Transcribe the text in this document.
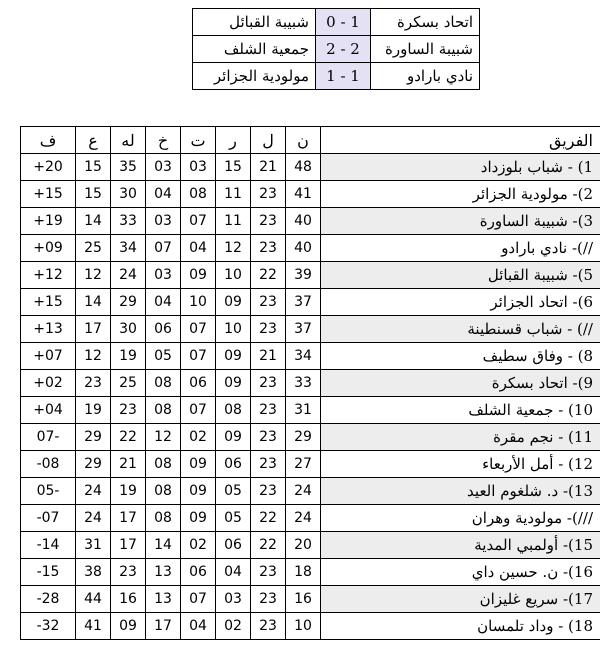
شبيبة القبائل	0 - 1	اتحاد بسكرة
جمعية الشلف	2 - 2	شبيبة الساورة
مولودية الجزائر	1 - 1	نادي بارادو
ف	ع	له	خ	ت	ر	ل	ن	الفريق
+20	15	35	03	03	15	21	48	1) - شباب بلوزداد
+15	15	30	04	08	11	23	41	2)- مولودية الجزائر
+19	14	33	03	07	11	23	40	3)- شبيبة الساورة
+09	25	34	07	04	12	23	40	//)- نادي بارادو
+12	12	24	03	09	10	22	39	5)- شبيبة القبائل
+15	14	29	04	10	09	23	37	6)- اتحاد الجزائر
+13	17	30	06	07	10	23	37	//) - شباب قسنطينة
+07	12	19	05	07	09	21	34	8) - وفاق سطيف
+02	23	25	08	06	09	23	33	9)- اتحاد بسكرة
+04	19	23	08	07	08	23	31	10) - جمعية الشلف
07-	29	22	12	02	09	23	29	11) - نجم مقرة
-08	29	21	08	09	06	23	27	12) - أمل الأربعاء
05-	24	19	08	09	05	23	24	13)- د. شلغوم العيد
-07	24	17	08	09	05	22	24	///)- مولودية وهران
-14	31	17	14	02	06	22	20	15)- أولمبي المدية
-15	38	23	13	06	04	23	18	16)- ن. حسين داي
-28	44	16	13	07	03	23	16	17)- سريع غليزان
-32	41	09	17	04	02	23	10	18) - وداد تلمسان
